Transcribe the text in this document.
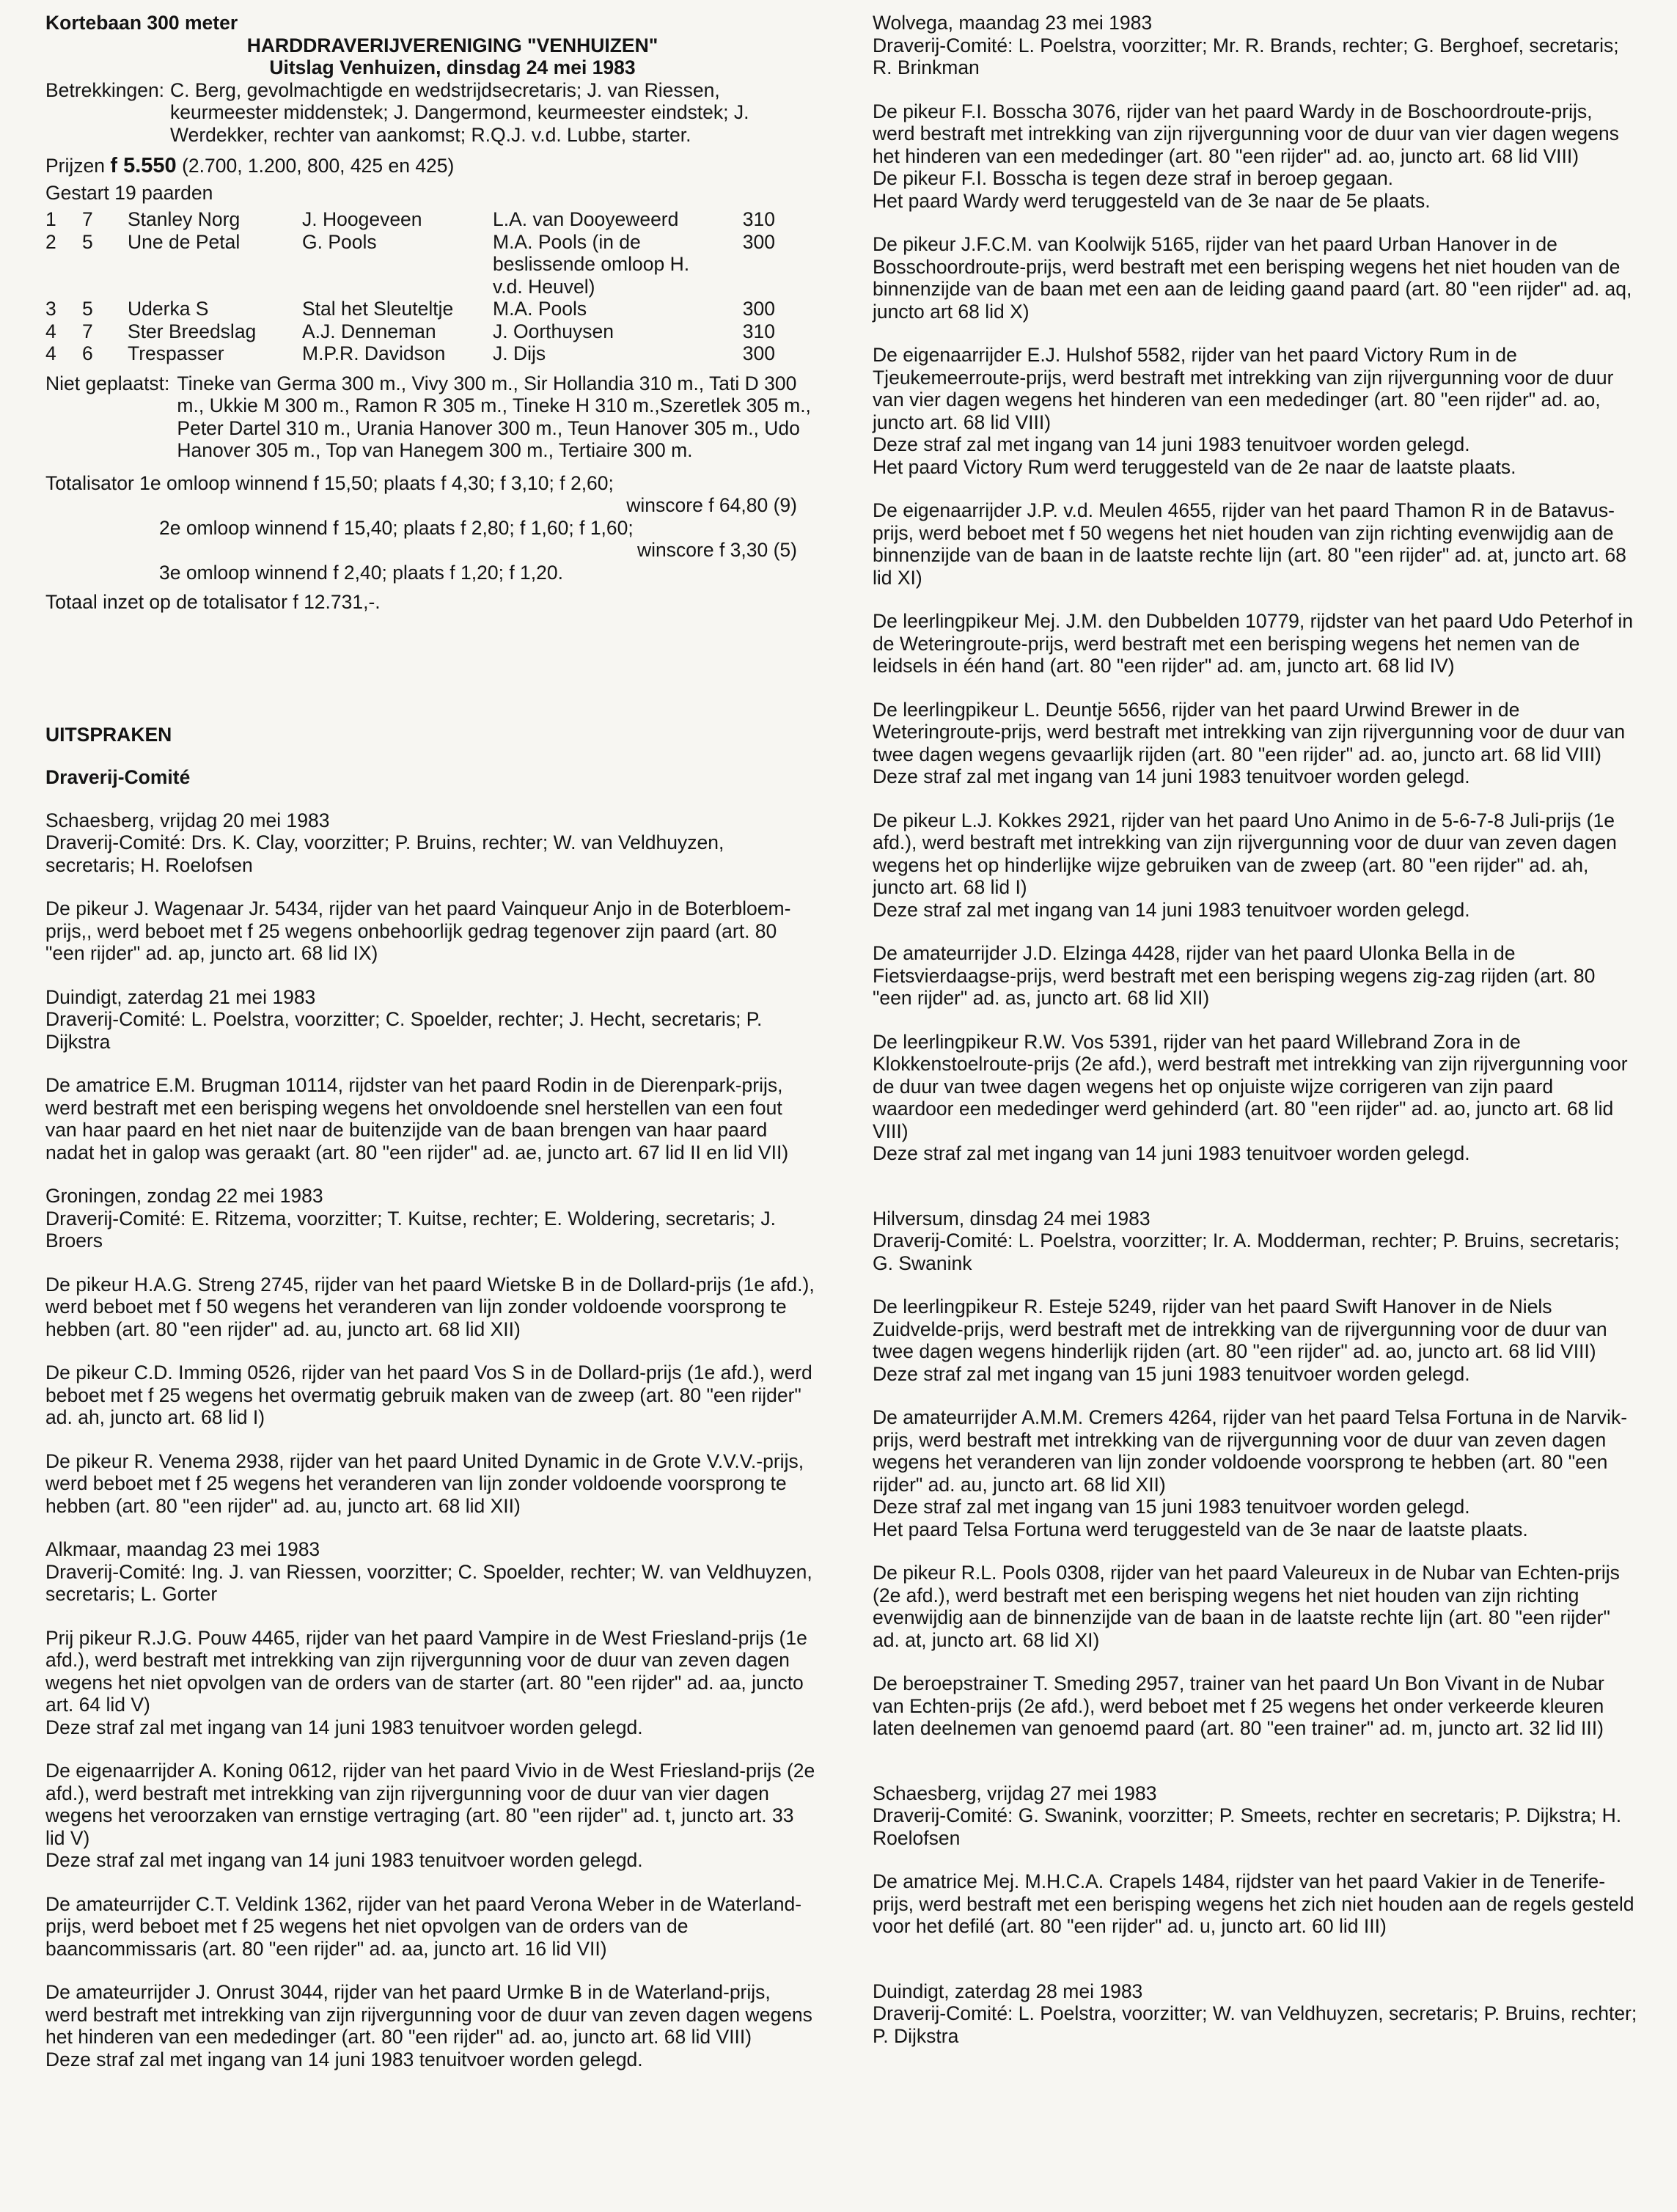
Kortebaan 300 meter

HARDDRAVERIJVERENIGING "VENHUIZEN"

Uitslag Venhuizen, dinsdag 24 mei 1983

Betrekkingen: C. Berg, gevolmachtigde en wedstrijdsecretaris; J. van Riessen, keurmeester middenstek; J. Dangermond, keurmeester eindstek; J. Werdekker, rechter van aankomst; R.Q.J. v.d. Lubbe, starter.

Prijzen f 5.550 (2.700, 1.200, 800, 425 en 425)

Gestart 19 paarden

1	7	Stanley Norg	J. Hoogeveen	L.A. van Dooyeweerd	310
2	5	Une de Petal	G. Pools	M.A. Pools (in de beslissende omloop H. v.d. Heuvel)	300
3	5	Uderka S	Stal het Sleuteltje	M.A. Pools	300
4	7	Ster Breedslag	A.J. Denneman	J. Oorthuysen	310
4	6	Trespasser	M.P.R. Davidson	J. Dijs	300
Niet geplaatst: Tineke van Germa 300 m., Vivy 300 m., Sir Hollandia 310 m., Tati D 300 m., Ukkie M 300 m., Ramon R 305 m., Tineke H 310 m.,Szeretlek 305 m., Peter Dartel 310 m., Urania Hanover 300 m., Teun Hanover 305 m., Udo Hanover 305 m., Top van Hanegem 300 m., Tertiaire 300 m.

Totalisator 1e omloop winnend f 15,50; plaats f 4,30; f 3,10; f 2,60;

winscore f 64,80 (9)

2e omloop winnend f 15,40; plaats f 2,80; f 1,60; f 1,60;

winscore f 3,30 (5)

3e omloop winnend f 2,40; plaats f 1,20; f 1,20.

Totaal inzet op de totalisator f 12.731,-.

UITSPRAKEN

Draverij-Comité

Schaesberg, vrijdag 20 mei 1983

Draverij-Comité: Drs. K. Clay, voorzitter; P. Bruins, rechter; W. van Veldhuyzen, secretaris; H. Roelofsen

De pikeur J. Wagenaar Jr. 5434, rijder van het paard Vainqueur Anjo in de Boterbloem-prijs,, werd beboet met f 25 wegens onbehoorlijk gedrag tegenover zijn paard (art. 80 "een rijder" ad. ap, juncto art. 68 lid IX)

Duindigt, zaterdag 21 mei 1983

Draverij-Comité: L. Poelstra, voorzitter; C. Spoelder, rechter; J. Hecht, secretaris; P. Dijkstra

De amatrice E.M. Brugman 10114, rijdster van het paard Rodin in de Dierenpark-prijs, werd bestraft met een berisping wegens het onvoldoende snel herstellen van een fout van haar paard en het niet naar de buitenzijde van de baan brengen van haar paard nadat het in galop was geraakt (art. 80 "een rijder" ad. ae, juncto art. 67 lid II en lid VII)

Groningen, zondag 22 mei 1983

Draverij-Comité: E. Ritzema, voorzitter; T. Kuitse, rechter; E. Woldering, secretaris; J. Broers

De pikeur H.A.G. Streng 2745, rijder van het paard Wietske B in de Dollard-prijs (1e afd.), werd beboet met f 50 wegens het veranderen van lijn zonder voldoende voorsprong te hebben (art. 80 "een rijder" ad. au, juncto art. 68 lid XII)

De pikeur C.D. Imming 0526, rijder van het paard Vos S in de Dollard-prijs (1e afd.), werd beboet met f 25 wegens het overmatig gebruik maken van de zweep (art. 80 "een rijder" ad. ah, juncto art. 68 lid I)

De pikeur R. Venema 2938, rijder van het paard United Dynamic in de Grote V.V.V.-prijs, werd beboet met f 25 wegens het veranderen van lijn zonder voldoende voorsprong te hebben (art. 80 "een rijder" ad. au, juncto art. 68 lid XII)

Alkmaar, maandag 23 mei 1983

Draverij-Comité: Ing. J. van Riessen, voorzitter; C. Spoelder, rechter; W. van Veldhuyzen, secretaris; L. Gorter

Prij pikeur R.J.G. Pouw 4465, rijder van het paard Vampire in de West Friesland-prijs (1e afd.), werd bestraft met intrekking van zijn rijvergunning voor de duur van zeven dagen wegens het niet opvolgen van de orders van de starter (art. 80 "een rijder" ad. aa, juncto art. 64 lid V)

Deze straf zal met ingang van 14 juni 1983 tenuitvoer worden gelegd.

De eigenaarrijder A. Koning 0612, rijder van het paard Vivio in de West Friesland-prijs (2e afd.), werd bestraft met intrekking van zijn rijvergunning voor de duur van vier dagen wegens het veroorzaken van ernstige vertraging (art. 80 "een rijder" ad. t, juncto art. 33 lid V)

Deze straf zal met ingang van 14 juni 1983 tenuitvoer worden gelegd.

De amateurrijder C.T. Veldink 1362, rijder van het paard Verona Weber in de Waterland-prijs, werd beboet met f 25 wegens het niet opvolgen van de orders van de baancommissaris (art. 80 "een rijder" ad. aa, juncto art. 16 lid VII)

De amateurrijder J. Onrust 3044, rijder van het paard Urmke B in de Waterland-prijs, werd bestraft met intrekking van zijn rijvergunning voor de duur van zeven dagen wegens het hinderen van een mededinger (art. 80 "een rijder" ad. ao, juncto art. 68 lid VIII)

Deze straf zal met ingang van 14 juni 1983 tenuitvoer worden gelegd.

Wolvega, maandag 23 mei 1983

Draverij-Comité: L. Poelstra, voorzitter; Mr. R. Brands, rechter; G. Berghoef, secretaris; R. Brinkman

De pikeur F.I. Bosscha 3076, rijder van het paard Wardy in de Boschoordroute-prijs, werd bestraft met intrekking van zijn rijvergunning voor de duur van vier dagen wegens het hinderen van een mededinger (art. 80 "een rijder" ad. ao, juncto art. 68 lid VIII)

De pikeur F.I. Bosscha is tegen deze straf in beroep gegaan.

Het paard Wardy werd teruggesteld van de 3e naar de 5e plaats.

De pikeur J.F.C.M. van Koolwijk 5165, rijder van het paard Urban Hanover in de Bosschoordroute-prijs, werd bestraft met een berisping wegens het niet houden van de binnenzijde van de baan met een aan de leiding gaand paard (art. 80 "een rijder" ad. aq, juncto art 68 lid X)

De eigenaarrijder E.J. Hulshof 5582, rijder van het paard Victory Rum in de Tjeukemeerroute-prijs, werd bestraft met intrekking van zijn rijvergunning voor de duur van vier dagen wegens het hinderen van een mededinger (art. 80 "een rijder" ad. ao, juncto art. 68 lid VIII)

Deze straf zal met ingang van 14 juni 1983 tenuitvoer worden gelegd.

Het paard Victory Rum werd teruggesteld van de 2e naar de laatste plaats.

De eigenaarrijder J.P. v.d. Meulen 4655, rijder van het paard Thamon R in de Batavus-prijs, werd beboet met f 50 wegens het niet houden van zijn richting evenwijdig aan de binnenzijde van de baan in de laatste rechte lijn (art. 80 "een rijder" ad. at, juncto art. 68 lid XI)

De leerlingpikeur Mej. J.M. den Dubbelden 10779, rijdster van het paard Udo Peterhof in de Weteringroute-prijs, werd bestraft met een berisping wegens het nemen van de leidsels in één hand (art. 80 "een rijder" ad. am, juncto art. 68 lid IV)

De leerlingpikeur L. Deuntje 5656, rijder van het paard Urwind Brewer in de Weteringroute-prijs, werd bestraft met intrekking van zijn rijvergunning voor de duur van twee dagen wegens gevaarlijk rijden (art. 80 "een rijder" ad. ao, juncto art. 68 lid VIII)

Deze straf zal met ingang van 14 juni 1983 tenuitvoer worden gelegd.

De pikeur L.J. Kokkes 2921, rijder van het paard Uno Animo in de 5-6-7-8 Juli-prijs (1e afd.), werd bestraft met intrekking van zijn rijvergunning voor de duur van zeven dagen wegens het op hinderlijke wijze gebruiken van de zweep (art. 80 "een rijder" ad. ah, juncto art. 68 lid I)

Deze straf zal met ingang van 14 juni 1983 tenuitvoer worden gelegd.

De amateurrijder J.D. Elzinga 4428, rijder van het paard Ulonka Bella in de Fietsvierdaagse-prijs, werd bestraft met een berisping wegens zig-zag rijden (art. 80 "een rijder" ad. as, juncto art. 68 lid XII)

De leerlingpikeur R.W. Vos 5391, rijder van het paard Willebrand Zora in de Klokkenstoelroute-prijs (2e afd.), werd bestraft met intrekking van zijn rijvergunning voor de duur van twee dagen wegens het op onjuiste wijze corrigeren van zijn paard waardoor een mededinger werd gehinderd (art. 80 "een rijder" ad. ao, juncto art. 68 lid VIII)

Deze straf zal met ingang van 14 juni 1983 tenuitvoer worden gelegd.

Hilversum, dinsdag 24 mei 1983

Draverij-Comité: L. Poelstra, voorzitter; Ir. A. Modderman, rechter; P. Bruins, secretaris; G. Swanink

De leerlingpikeur R. Esteje 5249, rijder van het paard Swift Hanover in de Niels Zuidvelde-prijs, werd bestraft met de intrekking van de rijvergunning voor de duur van twee dagen wegens hinderlijk rijden (art. 80 "een rijder" ad. ao, juncto art. 68 lid VIII)

Deze straf zal met ingang van 15 juni 1983 tenuitvoer worden gelegd.

De amateurrijder A.M.M. Cremers 4264, rijder van het paard Telsa Fortuna in de Narvik-prijs, werd bestraft met intrekking van de rijvergunning voor de duur van zeven dagen wegens het veranderen van lijn zonder voldoende voorsprong te hebben (art. 80 "een rijder" ad. au, juncto art. 68 lid XII)

Deze straf zal met ingang van 15 juni 1983 tenuitvoer worden gelegd.

Het paard Telsa Fortuna werd teruggesteld van de 3e naar de laatste plaats.

De pikeur R.L. Pools 0308, rijder van het paard Valeureux in de Nubar van Echten-prijs (2e afd.), werd bestraft met een berisping wegens het niet houden van zijn richting evenwijdig aan de binnenzijde van de baan in de laatste rechte lijn (art. 80 "een rijder" ad. at, juncto art. 68 lid XI)

De beroepstrainer T. Smeding 2957, trainer van het paard Un Bon Vivant in de Nubar van Echten-prijs (2e afd.), werd beboet met f 25 wegens het onder verkeerde kleuren laten deelnemen van genoemd paard (art. 80 "een trainer" ad. m, juncto art. 32 lid III)

Schaesberg, vrijdag 27 mei 1983

Draverij-Comité: G. Swanink, voorzitter; P. Smeets, rechter en secretaris; P. Dijkstra; H. Roelofsen

De amatrice Mej. M.H.C.A. Crapels 1484, rijdster van het paard Vakier in de Tenerife-prijs, werd bestraft met een berisping wegens het zich niet houden aan de regels gesteld voor het defilé (art. 80 "een rijder" ad. u, juncto art. 60 lid III)

Duindigt, zaterdag 28 mei 1983

Draverij-Comité: L. Poelstra, voorzitter; W. van Veldhuyzen, secretaris; P. Bruins, rechter; P. Dijkstra
